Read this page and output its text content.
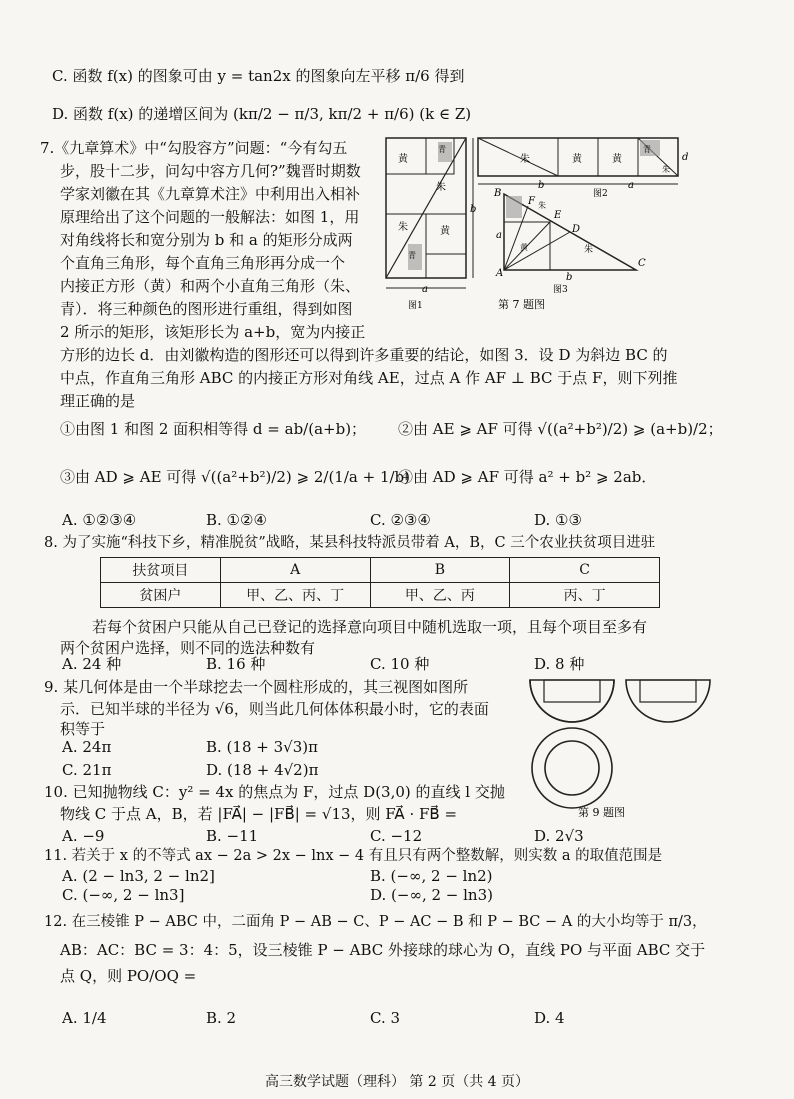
C. 函数 f(x) 的图象可由 y = tan2x 的图象向左平移 π/6 得到
D. 函数 f(x) 的递增区间为 (kπ/2 − π/3, kπ/2 + π/6) (k ∈ Z)
7.《九章算术》中“勾股容方”问题：“今有勾五
步，股十二步，问勾中容方几何?”魏晋时期数
学家刘徽在其《九章算术注》中利用出入相补
原理给出了这个问题的一般解法：如图 1，用
对角线将长和宽分别为 b 和 a 的矩形分成两
个直角三角形，每个直角三角形再分成一个
内接正方形（黄）和两个小直角三角形（朱、
青）．将三种颜色的图形进行重组，得到如图
2 所示的矩形，该矩形长为 a+b，宽为内接正
方形的边长 d．由刘徽构造的图形还可以得到许多重要的结论，如图 3．设 D 为斜边 BC 的
中点，作直角三角形 ABC 的内接正方形对角线 AE，过点 A 作 AF ⊥ BC 于点 F，则下列推
理正确的是
黄
黄
朱
朱
青
青
a
b
图1
朱	黄	黄
青
朱
d
b	a
图2
B
A
C
F
E
D
朱
黄	朱
a
b
图3
第 7 题图
①由图 1 和图 2 面积相等得 d = ab/(a+b)； ②由 AE ⩾ AF 可得 √((a²+b²)/2) ⩾ (a+b)/2；
③由 AD ⩾ AE 可得 √((a²+b²)/2) ⩾ 2/(1/a + 1/b)
④由 AD ⩾ AF 可得 a² + b² ⩾ 2ab．
A. ①②③④	B. ①②④	C. ②③④	D. ①③
8. 为了实施“科技下乡，精准脱贫”战略，某县科技特派员带着 A，B，C 三个农业扶贫项目进驻
扶贫项目	A	B	C
贫困户	甲、乙、丙、丁	甲、乙、丙	丙、丁
若每个贫困户只能从自己已登记的选择意向项目中随机选取一项，且每个项目至多有
两个贫困户选择，则不同的选法种数有
A. 24 种	B. 16 种	C. 10 种	D. 8 种
9. 某几何体是由一个半球挖去一个圆柱形成的，其三视图如图所
示．已知半球的半径为 √6，则当此几何体体积最小时，它的表面
积等于
A. 24π	B. (18 + 3√3)π
C. 21π	D. (18 + 4√2)π
第 9 题图
10. 已知抛物线 C：y² = 4x 的焦点为 F，过点 D(3,0) 的直线 l 交抛
物线 C 于点 A，B，若 |FA⃗| − |FB⃗| = √13，则 FA⃗ · FB⃗ =
A. −9	B. −11	C. −12	D. 2√3
11. 若关于 x 的不等式 ax − 2a > 2x − lnx − 4 有且只有两个整数解，则实数 a 的取值范围是
A. (2 − ln3, 2 − ln2]	B. (−∞, 2 − ln2)
C. (−∞, 2 − ln3]	D. (−∞, 2 − ln3)
12. 在三棱锥 P − ABC 中，二面角 P − AB − C、P − AC − B 和 P − BC − A 的大小均等于 π/3，
AB：AC：BC = 3：4：5，设三棱锥 P − ABC 外接球的球心为 O，直线 PO 与平面 ABC 交于
点 Q，则 PO/OQ =
A. 1/4	B. 2	C. 3	D. 4
高三数学试题（理科） 第 2 页（共 4 页）
